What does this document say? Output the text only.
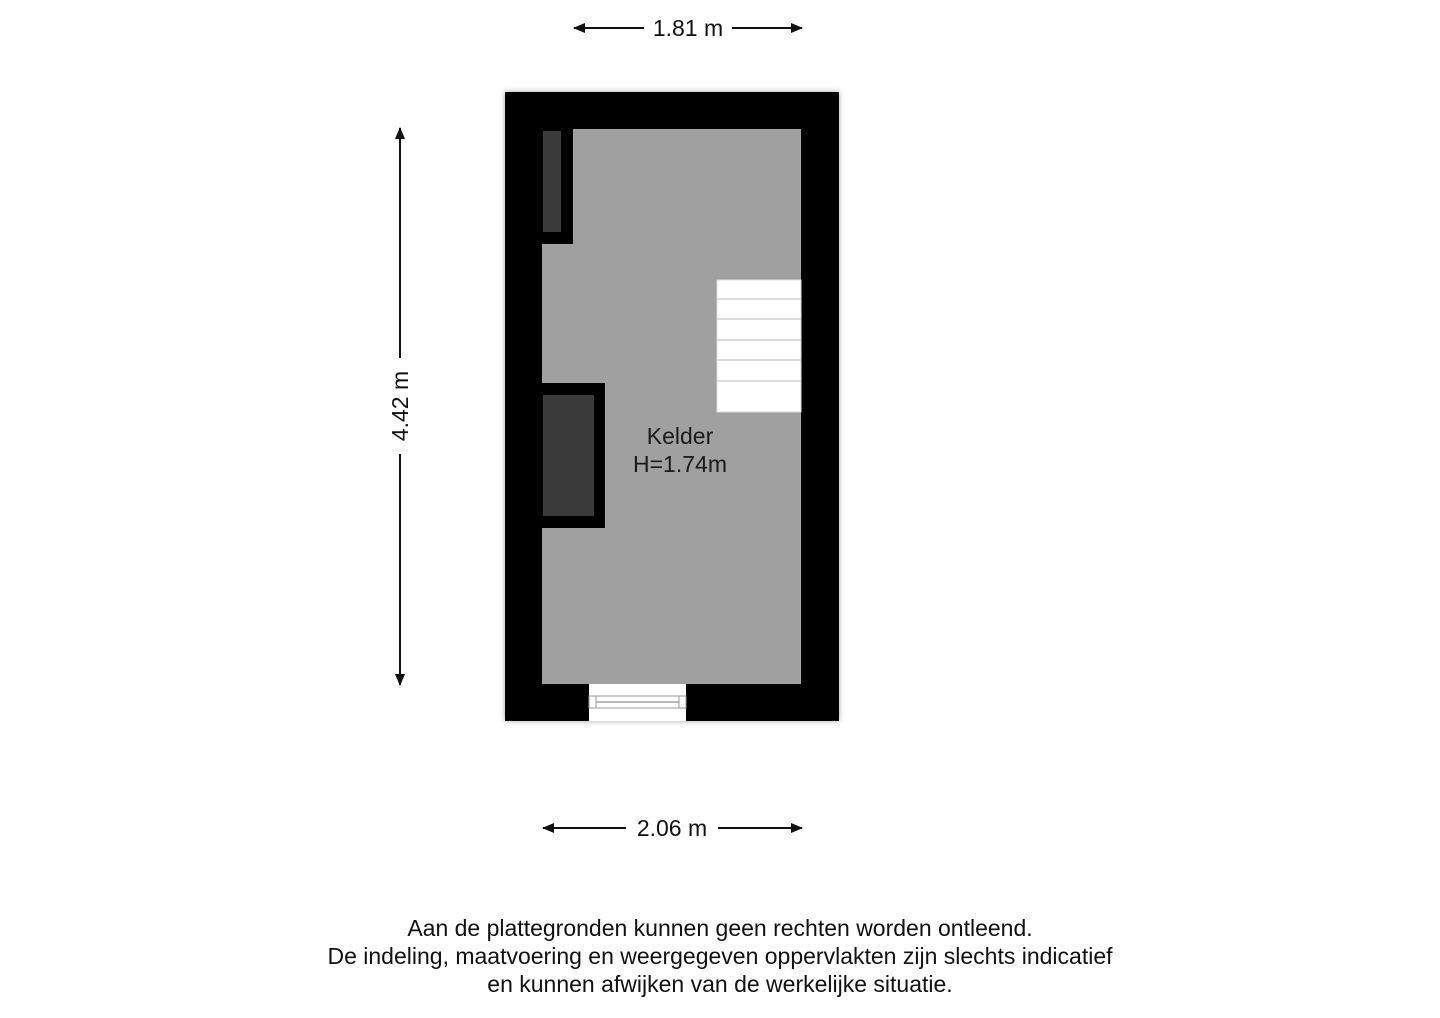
1.81 m
4.42 m	Kelder
H=1.74m
2.06 m
Aan de plattegronden kunnen geen rechten worden ontleend.
De indeling, maatvoering en weergegeven oppervlakten zijn slechts indicatief
en kunnen afwijken van de werkelijke situatie.
